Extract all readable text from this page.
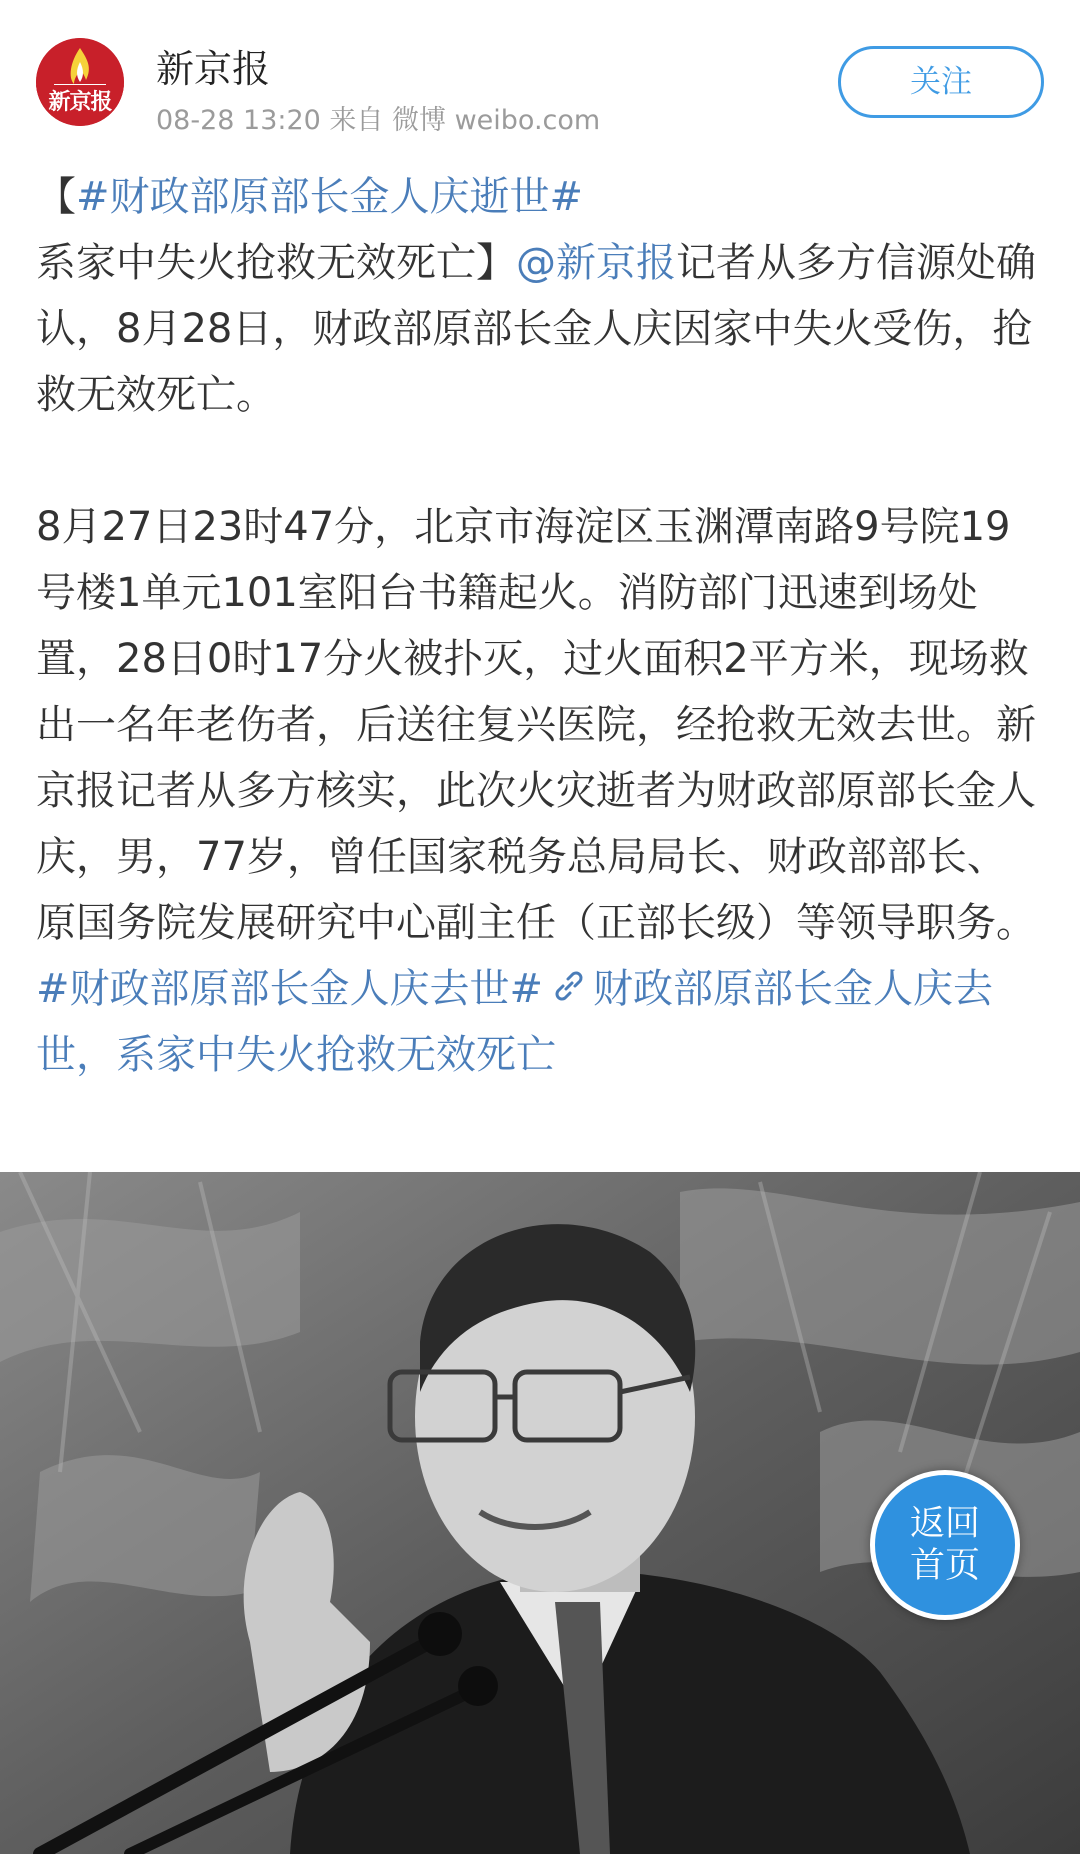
新京报
新京报
08-28 13:20 来自 微博 weibo.com
关注

【#财政部原部长金人庆逝世#系家中失火抢救无效死亡】@新京报记者从多方信源处确认，8月28日，财政部原部长金人庆因家中失火受伤，抢救无效死亡。

8月27日23时47分，北京市海淀区玉渊潭南路9号院19号楼1单元101室阳台书籍起火。消防部门迅速到场处置，28日0时17分火被扑灭，过火面积2平方米，现场救出一名年老伤者，后送往复兴医院，经抢救无效去世。新京报记者从多方核实，此次火灾逝者为财政部原部长金人庆，男，77岁，曾任国家税务总局局长、财政部部长、原国务院发展研究中心副主任（正部长级）等领导职务。#财政部原部长金人庆去世# 财政部原部长金人庆去世，系家中失火抢救无效死亡

返回
首页
